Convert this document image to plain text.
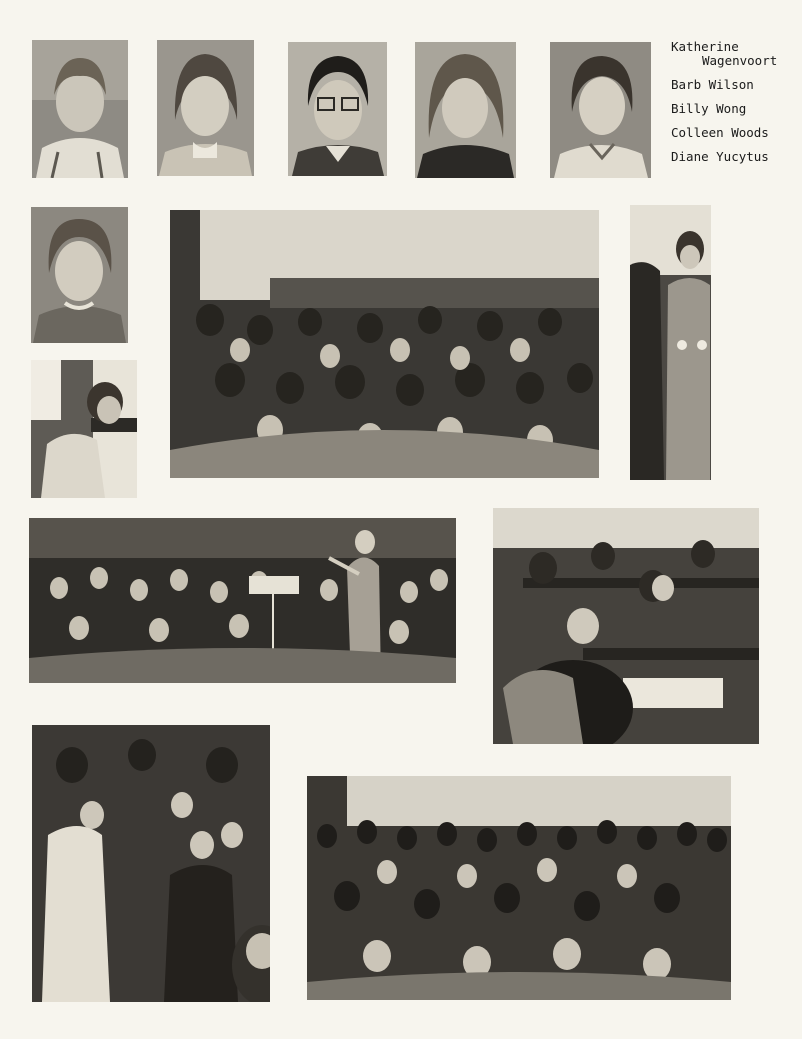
Katherine
Wagenvoort
Barb Wilson
Billy Wong
Colleen Woods
Diane Yucytus
